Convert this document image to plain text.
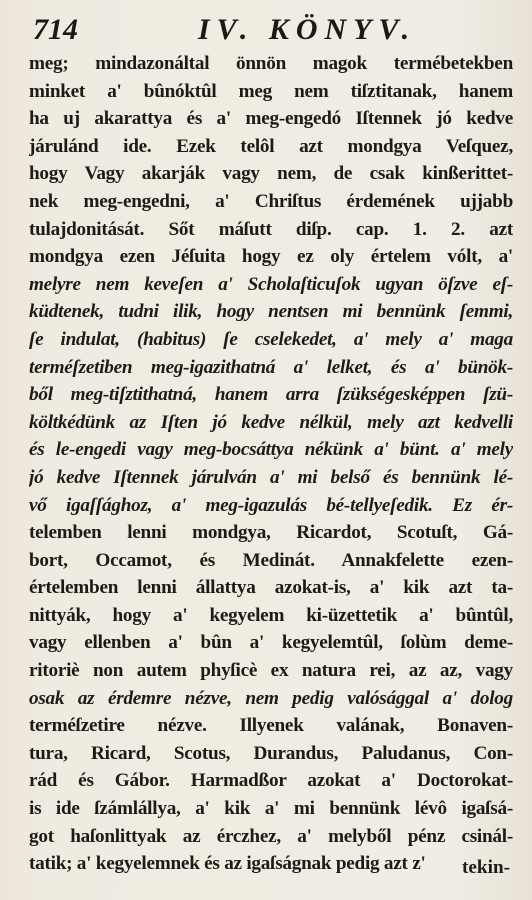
714	IV. KÖNYV.
meg; mindazonáltal önnön magok termébetekben
minket a' bûnóktûl meg nem tiſztitanak, hanem
ha uj akarattya és a' meg-engedó Iſtennek jó kedve
járulánd ide. Ezek telôl azt mondgya Veſquez,
hogy Vagy akarják vagy nem, de csak kinßerittet-
nek meg-engedni, a' Chriſtus érdemének ujjabb
tulajdonitását. Sőt máſutt diſp. cap. 1. 2. azt
mondgya ezen Jéſuita hogy ez oly értelem vólt, a'
melyre nem keveſen a' Scholaſticuſok ugyan öſzve eſ-
küdtenek, tudni ilik, hogy nentsen mi bennünk ſemmi,
ſe indulat, (habitus) ſe cselekedet, a' mely a' maga
terméſzetiben meg-igazithatná a' lelket, és a' bünök-
ből meg-tiſztithatná, hanem arra ſzükségesképpen ſzü-
költkédünk az Iſten jó kedve nélkül, mely azt kedvelli
és le-engedi vagy meg-bocsáttya nékünk a' bünt. a' mely
jó kedve Iſtennek járulván a' mi belső és bennünk lé-
vő igaſſághoz, a' meg-igazulás bé-tellyeſedik. Ez ér-
telemben lenni mondgya, Ricardot, Scotuſt, Gá-
bort, Occamot, és Medinát. Annakfelette ezen-
értelemben lenni állattya azokat-is, a' kik azt ta-
nittyák, hogy a' kegyelem ki-üzettetik a' bûntûl,
vagy ellenben a' bûn a' kegyelemtûl, ſolùm deme-
ritoriè non autem phyſicè ex natura rei, az az, vagy
osak az érdemre nézve, nem pedig valósággal a' dolog
terméſzetire nézve. Illyenek valának, Bonaven-
tura, Ricard, Scotus, Durandus, Paludanus, Con-
rád és Gábor. Harmadßor azokat a' Doctorokat-
is ide ſzámlállya, a' kik a' mi bennünk lévô igaſsá-
got haſonlittyak az érczhez, a' melyből pénz csinál-
tatik; a' kegyelemnek és az igaſságnak pedig azt z'	tekin-
